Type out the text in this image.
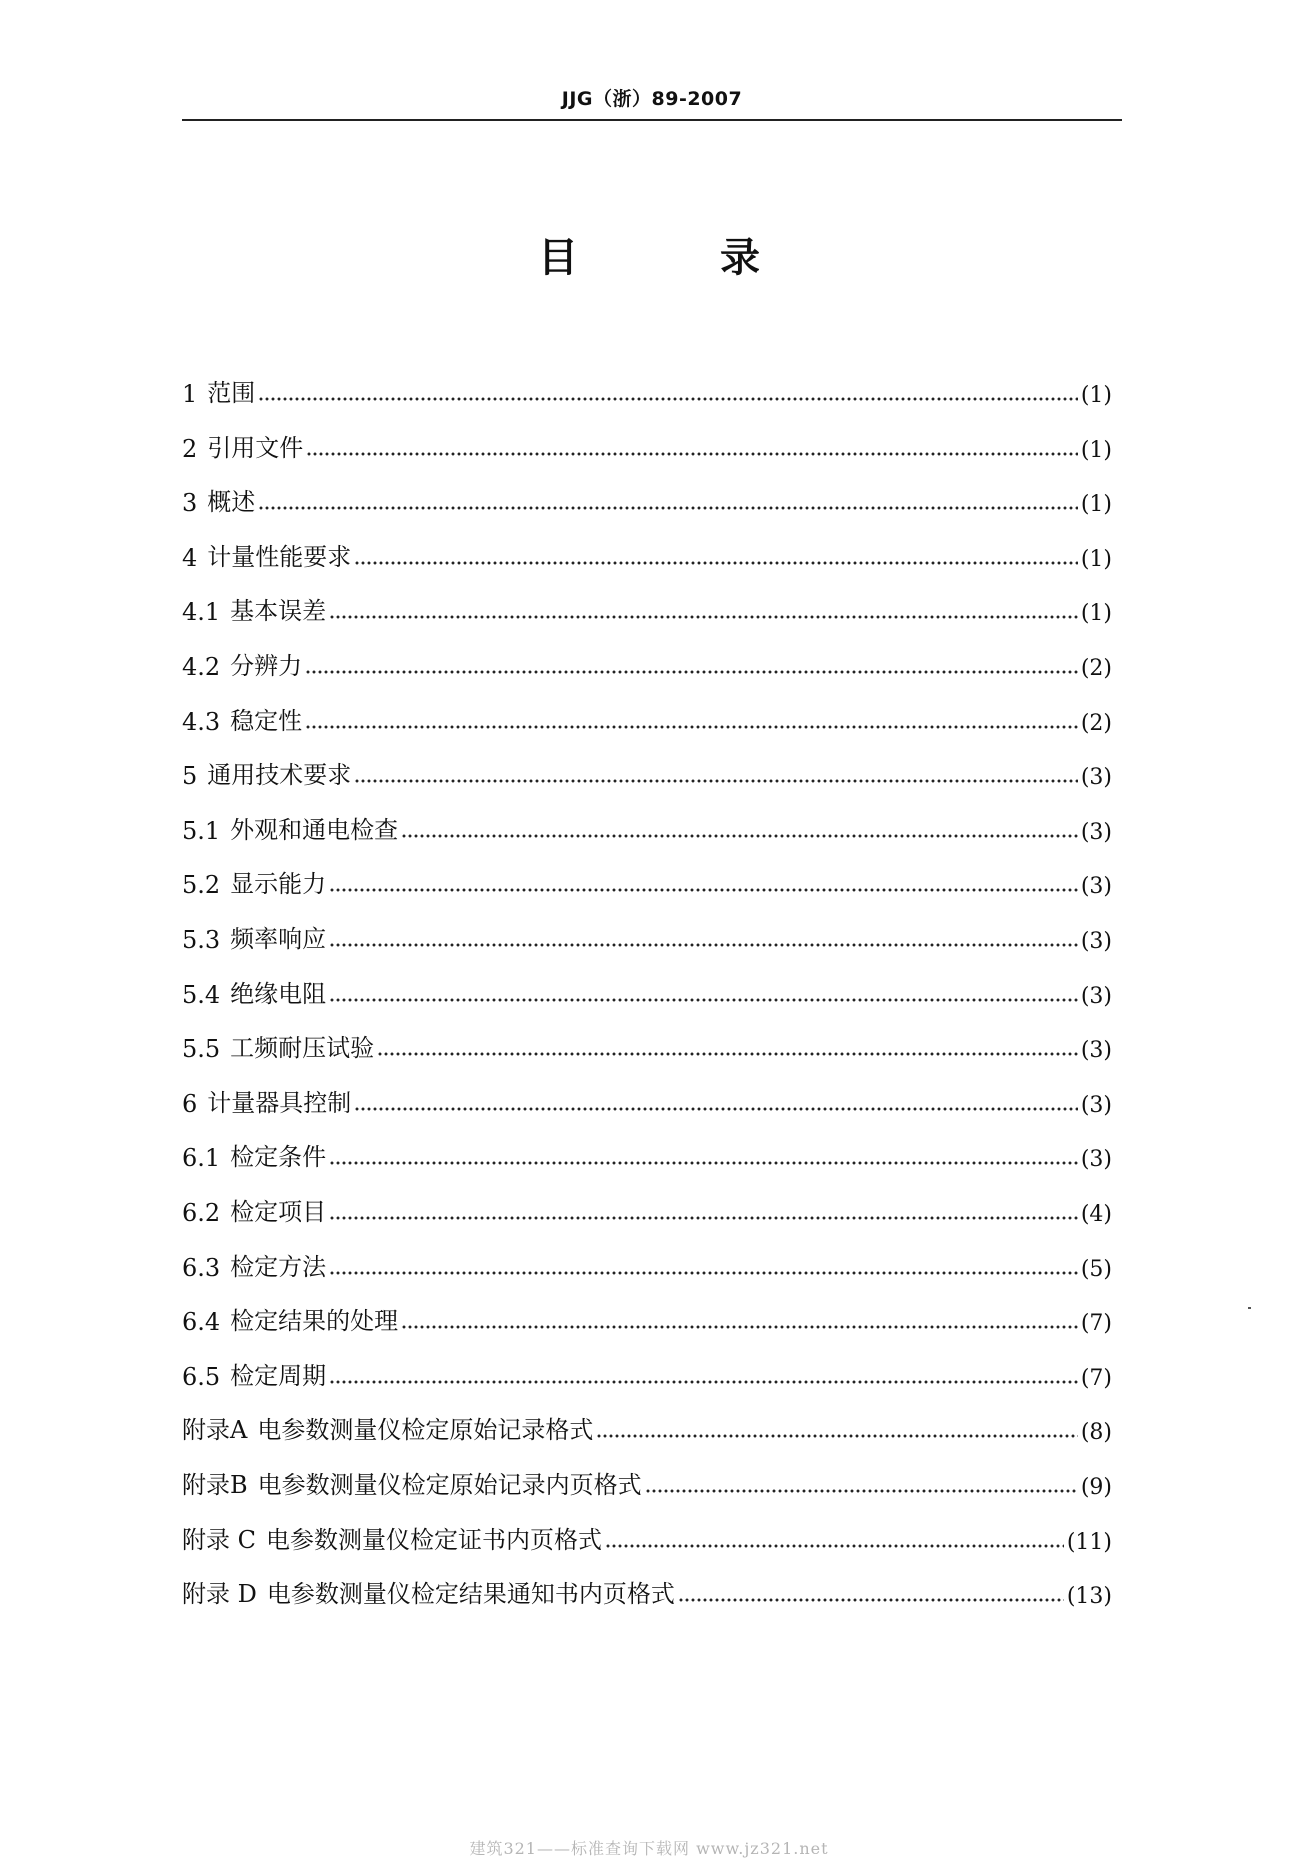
JJG（浙）89-2007
目 录
1 范围	(1)
2 引用文件	(1)
3 概述	(1)
4 计量性能要求	(1)
4.1 基本误差	(1)
4.2 分辨力	(2)
4.3 稳定性	(2)
5 通用技术要求	(3)
5.1 外观和通电检查	(3)
5.2 显示能力	(3)
5.3 频率响应	(3)
5.4 绝缘电阻	(3)
5.5 工频耐压试验	(3)
6 计量器具控制	(3)
6.1 检定条件	(3)
6.2 检定项目	(4)
6.3 检定方法	(5)
6.4 检定结果的处理	(7)
6.5 检定周期	(7)
附录A 电参数测量仪检定原始记录格式	(8)
附录B 电参数测量仪检定原始记录内页格式	(9)
附录 C 电参数测量仪检定证书内页格式	(11)
附录 D 电参数测量仪检定结果通知书内页格式	(13)
建筑321——标准查询下载网 www.jz321.net
